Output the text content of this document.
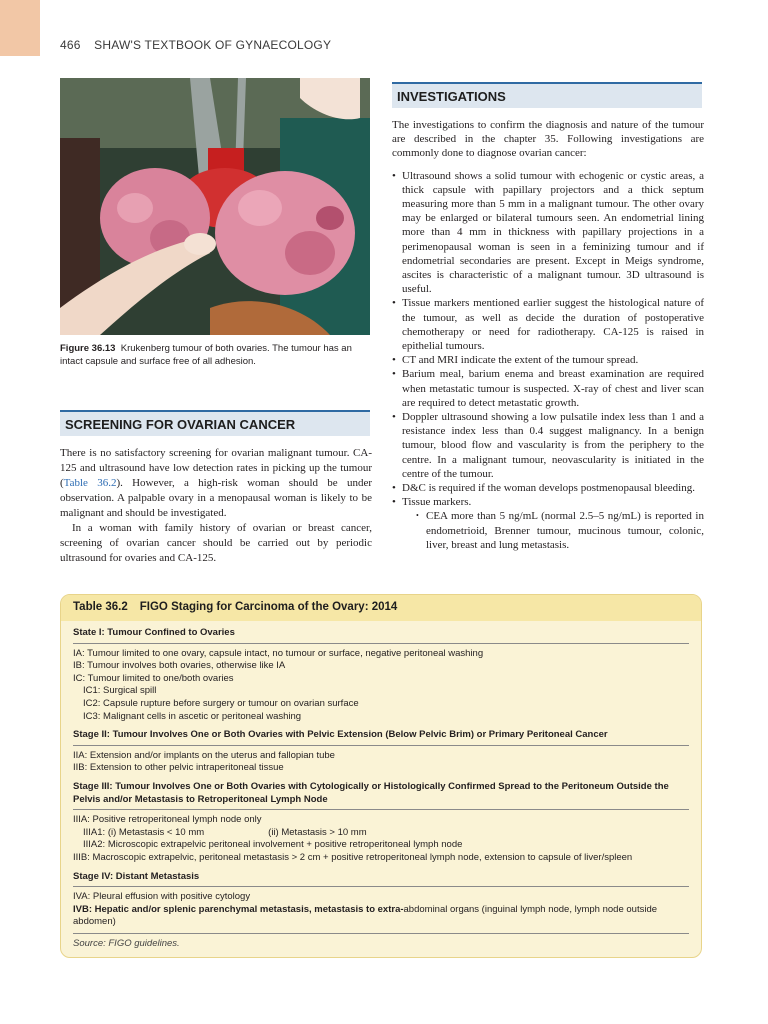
466 SHAW'S TEXTBOOK OF GYNAECOLOGY
Figure 36.13 Krukenberg tumour of both ovaries. The tumour has an intact capsule and surface free of all adhesion.
SCREENING FOR OVARIAN CANCER

There is no satisfactory screening for ovarian malignant tumour. CA-125 and ultrasound have low detection rates in picking up the tumour (Table 36.2). However, a high-risk woman should be under observation. A palpable ovary in a menopausal woman is likely to be malignant and should be investigated.

In a woman with family history of ovarian or breast cancer, screening of ovarian cancer should be carried out by periodic ultrasound for ovaries and CA-125.

INVESTIGATIONS

The investigations to confirm the diagnosis and nature of the tumour are described in the chapter 35. Following investigations are commonly done to diagnose ovarian cancer:

• Ultrasound shows a solid tumour with echogenic or cystic areas, a thick capsule with papillary projectors and a thick septum measuring more than 5 mm in a malignant tumour. The other ovary may be enlarged or bilateral tumours seen. An endometrial lining more than 4 mm in thickness with papillary projections in a perimenopausal woman is seen in a feminizing tumour and if endometrial secondaries are present. Except in Meigs syndrome, ascites is characteristic of a malignant tumour. 3D ultrasound is useful.
• Tissue markers mentioned earlier suggest the histological nature of the tumour, as well as decide the duration of postoperative chemotherapy or need for radiotherapy. CA-125 is raised in epithelial tumours.
• CT and MRI indicate the extent of the tumour spread.
• Barium meal, barium enema and breast examination are required when metastatic tumour is suspected. X-ray of chest and liver scan are required to detect metastatic growth.
• Doppler ultrasound showing a low pulsatile index less than 1 and a resistance index less than 0.4 suggest malignancy. In a benign tumour, blood flow and vascularity is from the periphery to the centre. In a malignant tumour, neovascularity is initiated in the centre of the tumour.
• D&C is required if the woman develops postmenopausal bleeding.
• Tissue markers.
• CEA more than 5 ng/mL (normal 2.5–5 ng/mL) is reported in endometrioid, Brenner tumour, mucinous tumour, colonic, liver, breast and lung metastasis.
Table 36.2 FIGO Staging for Carcinoma of the Ovary: 2014
State I: Tumour Confined to Ovaries
IA: Tumour limited to one ovary, capsule intact, no tumour or surface, negative peritoneal washing
IB: Tumour involves both ovaries, otherwise like IA
IC: Tumour limited to one/both ovaries
IC1: Surgical spill
IC2: Capsule rupture before surgery or tumour on ovarian surface
IC3: Malignant cells in ascetic or peritoneal washing
Stage II: Tumour Involves One or Both Ovaries with Pelvic Extension (Below Pelvic Brim) or Primary Peritoneal Cancer
IIA: Extension and/or implants on the uterus and fallopian tube
IIB: Extension to other pelvic intraperitoneal tissue
Stage III: Tumour Involves One or Both Ovaries with Cytologically or Histologically Confirmed Spread to the Peritoneum Outside the Pelvis and/or Metastasis to Retroperitoneal Lymph Node
IIIA: Positive retroperitoneal lymph node only
IIIA1: (i) Metastasis < 10 mm	(ii) Metastasis > 10 mm
IIIA2: Microscopic extrapelvic peritoneal involvement + positive retroperitoneal lymph node
IIIB: Macroscopic extrapelvic, peritoneal metastasis > 2 cm + positive retroperitoneal lymph node, extension to capsule of liver/spleen
Stage IV: Distant Metastasis
IVA: Pleural effusion with positive cytology
IVB: Hepatic and/or splenic parenchymal metastasis, metastasis to extra-abdominal organs (inguinal lymph node, lymph node outside abdomen)
Source: FIGO guidelines.
